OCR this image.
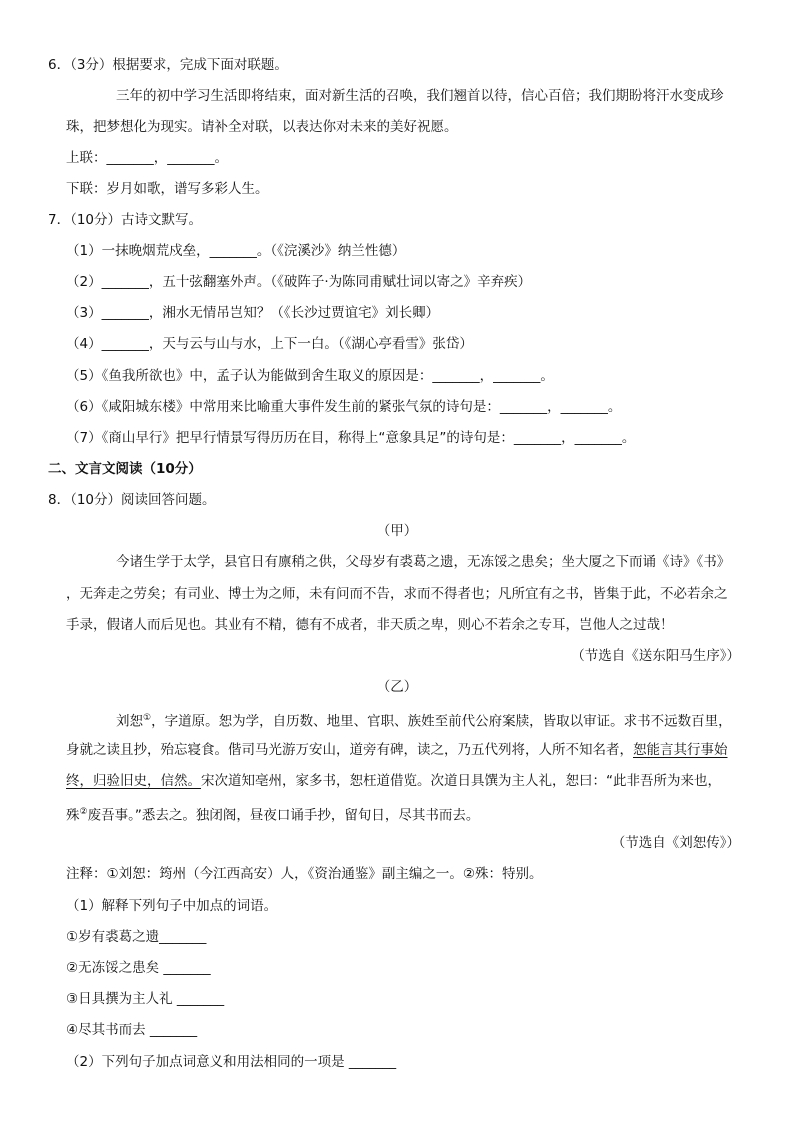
6．（3分）根据要求，完成下面对联题。
三年的初中学习生活即将结束，面对新生活的召唤，我们翘首以待，信心百倍；我们期盼将汗水变成珍
珠，把梦想化为现实。请补全对联，以表达你对未来的美好祝愿。
上联：_______，_______。
下联：岁月如歌，谱写多彩人生。
7．（10分）古诗文默写。
（1）一抹晚烟荒戍垒，_______。（《浣溪沙》纳兰性德）
（2）_______，五十弦翻塞外声。（《破阵子·为陈同甫赋壮词以寄之》辛弃疾）
（3）_______，湘水无情吊岂知？（《长沙过贾谊宅》刘长卿）
（4）_______，天与云与山与水，上下一白。（《湖心亭看雪》张岱）
（5）《鱼我所欲也》中，孟子认为能做到舍生取义的原因是：_______，_______。
（6）《咸阳城东楼》中常用来比喻重大事件发生前的紧张气氛的诗句是：_______，_______。
（7）《商山早行》把早行情景写得历历在目，称得上“意象具足”的诗句是：_______，_______。
二、文言文阅读（10分）
8．（10分）阅读回答问题。
（甲）
今诸生学于太学，县官日有廪稍之供，父母岁有裘葛之遗，无冻馁之患矣；坐大厦之下而诵《诗》《书》
，无奔走之劳矣；有司业、博士为之师，未有问而不告，求而不得者也；凡所宜有之书，皆集于此，不必若余之
手录，假诸人而后见也。其业有不精，德有不成者，非天质之卑，则心不若余之专耳，岂他人之过哉！
（节选自《送东阳马生序》）
（乙）
刘恕①，字道原。恕为学，自历数、地里、官职、族姓至前代公府案牍，皆取以审证。求书不远数百里，
身就之读且抄，殆忘寝食。偕司马光游万安山，道旁有碑，读之，乃五代列将，人所不知名者，恕能言其行事始
终，归验旧史，信然。宋次道知亳州，家多书，恕枉道借览。次道日具馔为主人礼，恕曰：“此非吾所为来也，
殊②废吾事。”悉去之。独闭阁，昼夜口诵手抄，留旬日，尽其书而去。
（节选自《刘恕传》）
注释：①刘恕：筠州（今江西高安）人，《资治通鉴》副主编之一。②殊：特别。
（1）解释下列句子中加点的词语。
①岁有裘葛之遗_______
②无冻馁之患矣 _______
③日具撰为主人礼 _______
④尽其书而去 _______
（2）下列句子加点词意义和用法相同的一项是 _______
